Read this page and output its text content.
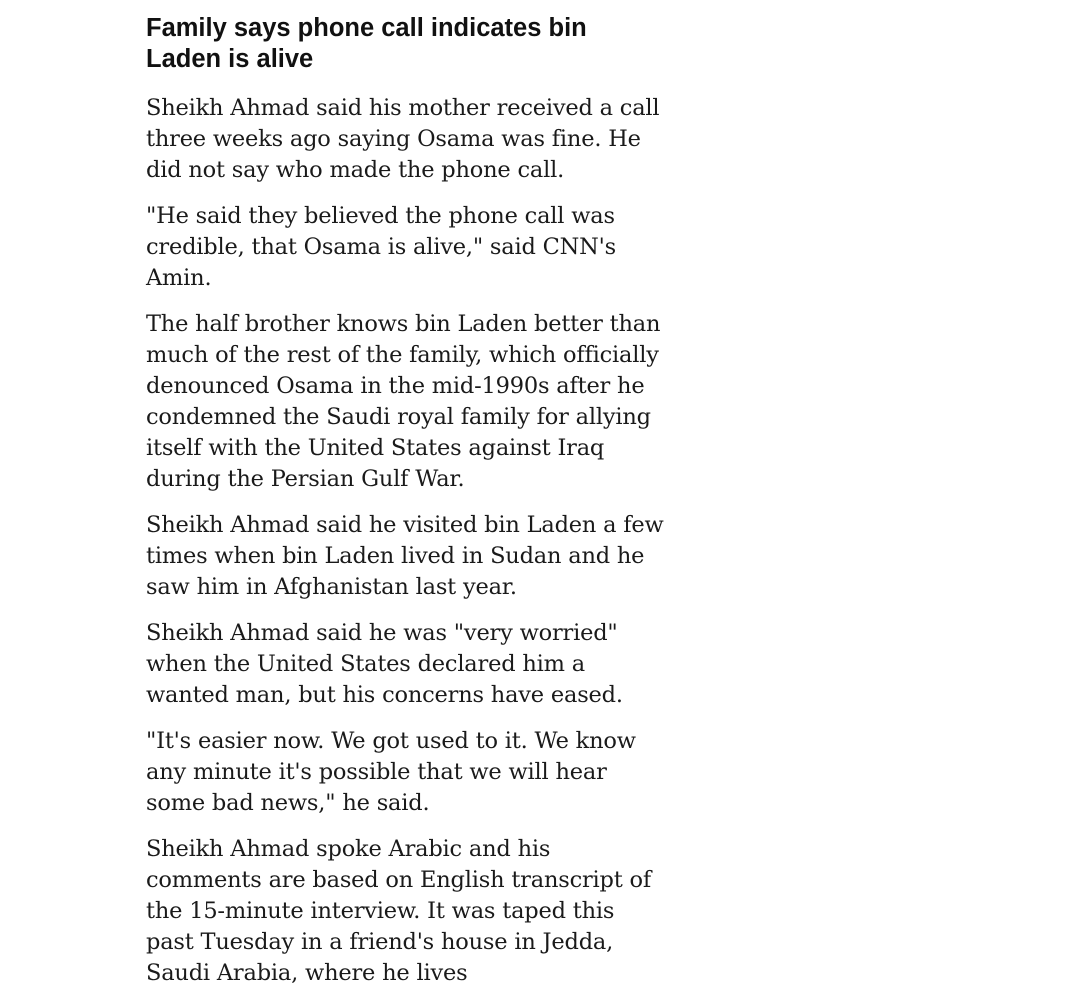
Family says phone call indicates bin Laden is alive

Sheikh Ahmad said his mother received a call three weeks ago saying Osama was fine. He did not say who made the phone call.

"He said they believed the phone call was credible, that Osama is alive," said CNN's Amin.

The half brother knows bin Laden better than much of the rest of the family, which officially denounced Osama in the mid-1990s after he condemned the Saudi royal family for allying itself with the United States against Iraq during the Persian Gulf War.

Sheikh Ahmad said he visited bin Laden a few times when bin Laden lived in Sudan and he saw him in Afghanistan last year.

Sheikh Ahmad said he was "very worried" when the United States declared him a wanted man, but his concerns have eased.

"It's easier now. We got used to it. We know any minute it's possible that we will hear some bad news," he said.

Sheikh Ahmad spoke Arabic and his comments are based on English transcript of the 15-minute interview. It was taped this past Tuesday in a friend's house in Jedda, Saudi Arabia, where he lives
